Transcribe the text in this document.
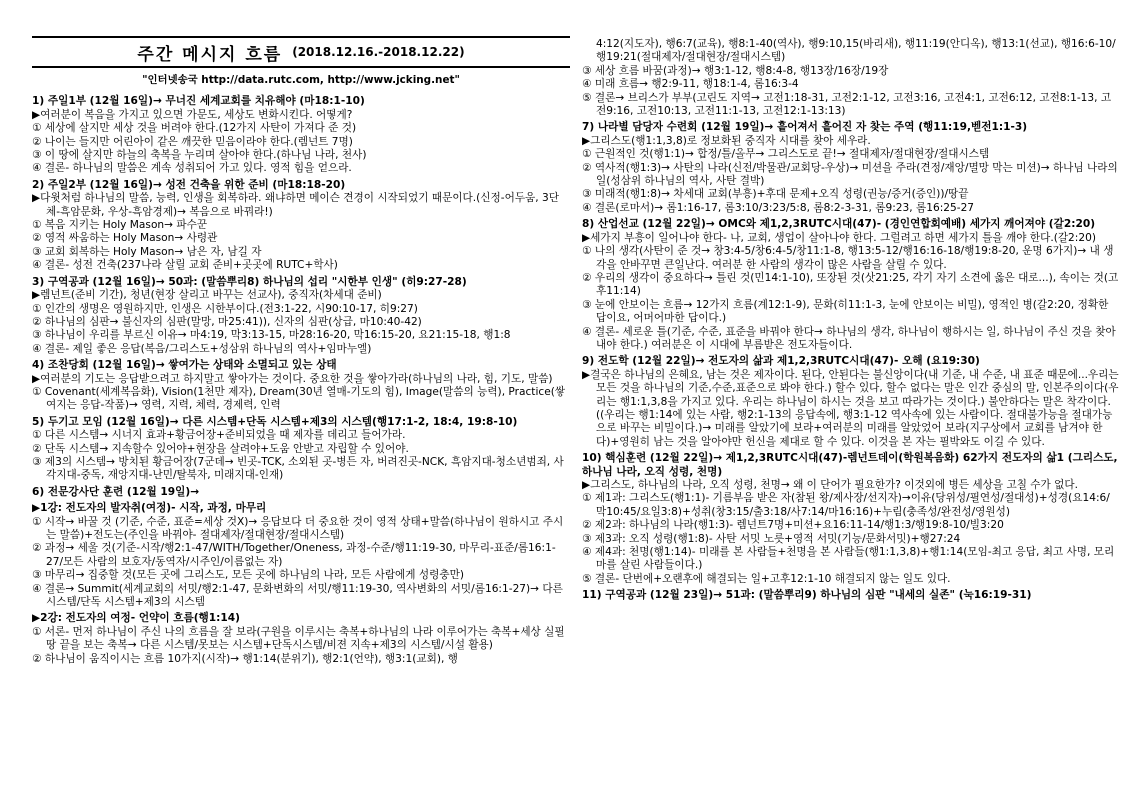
주간 메시지 흐름 (2018.12.16.-2018.12.22)
"인터넷송국 http://data.rutc.com, http://www.jcking.net"
1) 주일1부 (12월 16일)→ 무너진 세계교회를 치유해야 (마18:1-10)
▶여러분이 복음을 가지고 있으면 가문도, 세상도 변화시킨다. 어떻게?
① 세상에 살지만 세상 것을 버려야 한다.(12가지 사탄이 가져다 준 것)
② 나이는 들지만 어린아이 같은 깨끗한 믿음이라야 한다.(렘넌트 7명)
③ 이 땅에 살지만 하늘의 축복을 누리며 살아야 한다.(하나님 나라, 천사)
④ 결론- 하나님의 말씀은 계속 성취되어 가고 있다. 영적 힘을 얻으라.
2) 주일2부 (12월 16일)→ 성전 건축을 위한 준비 (마18:18-20)
▶다윗처럼 하나님의 말씀, 능력, 인생을 회복하라. 왜냐하면 메이슨 견경이 시작되었기 때문이다.(신정-어두움, 3단체-흑암문화, 우상-흑암경제)→ 복음으로 바꿔라!)
① 복음 지키는 Holy Mason→ 파수꾼
② 영적 싸움하는 Holy Mason→ 사령관
③ 교회 회복하는 Holy Mason→ 남은 자, 남길 자
④ 결론- 성전 건축(237나라 살릴 교회 준비+곳곳에 RUTC+학사)
3) 구역공과 (12월 16일)→ 50과: (말씀뿌리8) 하나님의 섭리 "시한부 인생" (히9:27-28)
▶렘넌트(준비 기간), 청년(현장 살리고 바꾸는 선교사), 중직자(차세대 준비)
① 인간의 생명은 영원하지만, 인생은 시한부이다.(전3:1-22, 시90:10-17, 히9:27)
② 하나님의 심판→ 불신자의 심판(말망, 마25:41)), 신자의 심판(상급, 마10:40-42)
③ 하나님이 우리를 부르신 이유→ 마4:19, 막3:13-15, 마28:16-20, 막16:15-20, 요21:15-18, 행1:8
④ 결론- 제일 좋은 응답(복음/그리스도+성삼위 하나님의 역사+임마누엘)
4) 조찬당회 (12월 16일)→ 쌓여가는 상태와 소멸되고 있는 상태
▶여러분의 기도는 응답받으려고 하지말고 쌓아가는 것이다. 중요한 것을 쌓아가라(하나님의 나라, 힘, 기도, 말씀)
① Covenant(세계복음화), Vision(1천만 제자), Dream(30년 열매-기도의 힘), Image(말씀의 능력), Practice(쌓여지는 응답-작품)→ 영력, 지력, 체력, 경제력, 인력
5) 두기고 모임 (12월 16일)→ 다른 시스템+단독 시스템+제3의 시스템(행17:1-2, 18:4, 19:8-10)
① 다른 시스템→ 시너지 효과+황금어장+준비되었을 때 제자를 데리고 들어가라.
② 단독 시스템→ 지속할수 있어야+현장을 살려야+도움 안받고 자립할 수 있어야.
③ 제3의 시스템→ 방치된 황금어장(7군데→ 빈곳-TCK, 소외된 곳-병든 자, 버려진곳-NCK, 흑암지대-청소년범죄, 사각지대-중독, 재앙지대-난민/탈북자, 미래지대-인재)
6) 전문강사단 훈련 (12월 19일)→
▶1강: 전도자의 발자취(여정)- 시작, 과정, 마무리
① 시작→ 바꿀 것 (기준, 수준, 표준=세상 것X)→ 응답보다 더 중요한 것이 영적 상태+말씀(하나님이 원하시고 주시는 말씀)+전도는(주인을 바꿔야- 절대제자/절대현장/절대시스템)
② 과정→ 세울 것(기준-시작/행2:1-47/WITH/Together/Oneness, 과정-수준/행11:19-30, 마무리-표준/롬16:1-27/모든 사람의 보호자/동역자/시주인/이름없는 자)
③ 마무리→ 집중할 것(모든 곳에 그리스도, 모든 곳에 하나님의 나라, 모든 사람에게 성령충만)
④ 결론→ Summit(세계교회의 서밋/행2:1-47, 문화변화의 서밋/행11:19-30, 역사변화의 서밋/롬16:1-27)→ 다른 시스템/단독 시스템+제3의 시스템
▶2강: 전도자의 여정- 언약이 흐름(행1:14)
① 서론- 먼저 하나님이 주신 나의 흐름을 잘 보라(구원을 이루시는 축복+하나님의 나라 이루어가는 축복+세상 실필 땅 끝을 보는 축복→ 다른 시스템/못보는 시스템+단독시스템/비젼 지속+제3의 시스템/시설 활용)
② 하나님이 움직이시는 흐름 10가지(시작)→ 행1:14(분위기), 행2:1(언약), 행3:1(교회), 행
4:12(지도자), 행6:7(교육), 행8:1-40(역사), 행9:10,15(바리새), 행11:19(안디옥), 행13:1(선교), 행16:6-10/행19:21(절대제자/절대현장/절대시스템)
③ 세상 흐름 바꿈(과정)→ 행3:1-12, 행8:4-8, 행13장/16장/19장
④ 미래 흐름→ 행2:9-11, 행18:1-4, 롬16:3-4
⑤ 결론→ 브리스가 부부(고린도 지역→ 고전1:18-31, 고전2:1-12, 고전3:16, 고전4:1, 고전6:12, 고전8:1-13, 고전9:16, 고전10:13, 고전11:1-13, 고전12:1-13:13)
7) 나라별 담당자 수련회 (12월 19일)→ 흩어져서 흩어진 자 찾는 주역 (행11:19,벧전1:1-3)
▶그리스도(행1:1,3,8)로 정보화된 중직자 시대를 찾아 세우라.
① 근원적인 것(행1:1)→ 합정/틀/올무→ 그리스도로 끝!→ 절대제자/절대현장/절대시스템
② 역사적(행1:3)→ 사탄의 나라(신전/박물관/교회당-우상)→ 미션을 주라(견정/재앙/멸망 막는 미션)→ 하나님 나라의 일(성삼위 하나님의 역사, 사탄 결박)
③ 미래적(행1:8)→ 차세대 교회(부흥)+후대 문제+오직 성령(권능/증거(증인))/땅끝
④ 결론(로마서)→ 롬1:16-17, 롬3:10/3:23/5:8, 롬8:2-3-31, 롬9:23, 롬16:25-27
8) 산업선교 (12월 22일)→ OMC와 제1,2,3RUTC시대(47)- (경인연합회예배) 세가지 깨어져야 (갈2:20)
▶세가지 부흥이 일어나야 한다- 나, 교회, 생업이 살아나야 한다. 그럴려고 하면 세가지 틀을 깨야 한다.(갈2:20)
① 나의 생각(사탄이 준 것→ 창3:4-5/창6:4-5/창11:1-8, 행13:5-12/행16:16-18/행19:8-20, 운명 6가지)→ 내 생각을 안바꾸면 큰일난다. 여러분 한 사람의 생각이 많은 사람을 살릴 수 있다.
② 우리의 생각이 중요하다→ 틀린 것(민14:1-10), 또장된 것(삿21:25, 각기 자기 소견에 옳은 대로...), 속이는 것(고후11:14)
③ 눈에 안보이는 흐름→ 12가지 흐름(계12:1-9), 문화(히11:1-3, 눈에 안보이는 비밀), 영적인 병(갈2:20, 정확한 답이요, 어머어마한 답이다.)
④ 결론- 세로운 틀(기준, 수준, 표준을 바꿔야 한다→ 하나님의 생각, 하나님이 행하시는 일, 하나님이 주신 것을 찾아내야 한다.) 여러분은 이 시대에 부름받은 전도자들이다.
9) 전도학 (12월 22일)→ 전도자의 삶과 제1,2,3RUTC시대(47)- 오해 (요19:30)
▶결국은 하나님의 은혜요, 남는 것은 제자이다. 된다, 안된다는 불신앙이다(내 기준, 내 수준, 내 표준 때문에...우리는 모든 것을 하나님의 기준,수준,표준으로 봐야 한다.) 할수 있다, 할수 없다는 말은 인간 중심의 말, 인본주의이다(우리는 행1:1,3,8을 가지고 있다. 우리는 하나님이 하시는 것을 보고 따라가는 것이다.) 불안하다는 말은 착각이다.((우리는 행1:14에 있는 사람, 행2:1-13의 응답속에, 행3:1-12 역사속에 있는 사람이다. 절대불가능을 절대가능으로 바꾸는 비밀이다.)→ 미래를 알았기에 보라+여러분의 미래를 알았었어 보라(지구상에서 교회를 남겨야 한다)+영원히 남는 것을 알아야만 헌신을 제대로 할 수 있다. 이것을 본 자는 필박와도 이길 수 있다.
10) 핵심훈련 (12월 22일)→ 제1,2,3RUTC시대(47)-렘넌트데이(학원복음화) 62가지 전도자의 삶1 (그리스도, 하나님 나라, 오직 성령, 천명)
▶그리스도, 하나님의 나라, 오직 성령, 천명→ 왜 이 단어가 필요한가? 이것외에 병든 세상을 고칠 수가 없다.
① 제1과: 그리스도(행1:1)- 기름부음 받은 자(참된 왕/제사장/선지자)→이유(당위성/필연성/절대성)+성경(요14:6/막10:45/요일3:8)+성취(창3:15/출3:18/사7:14/마16:16)+누림(충족성/완전성/영원성)
② 제2과: 하나님의 나라(행1:3)- 렘넌트7명+미션+요16:11-14/행1:3/행19:8-10/빌3:20
③ 제3과: 오직 성령(행1:8)- 사탄 서밋 노릇+영적 서밋(기능/문화서밋)+행27:24
④ 제4과: 천명(행1:14)- 미래를 본 사람들+천명을 본 사람들(행1:1,3,8)+행1:14(모임-최고 응답, 최고 사명, 모리마를 살린 사람들이다.)
⑤ 결론- 단번에+오랜후에 해결되는 일+고후12:1-10 해결되지 않는 일도 있다.
11) 구역공과 (12월 23일)→ 51과: (말씀뿌리9) 하나님의 심판 "내세의 실존" (눅16:19-31)
